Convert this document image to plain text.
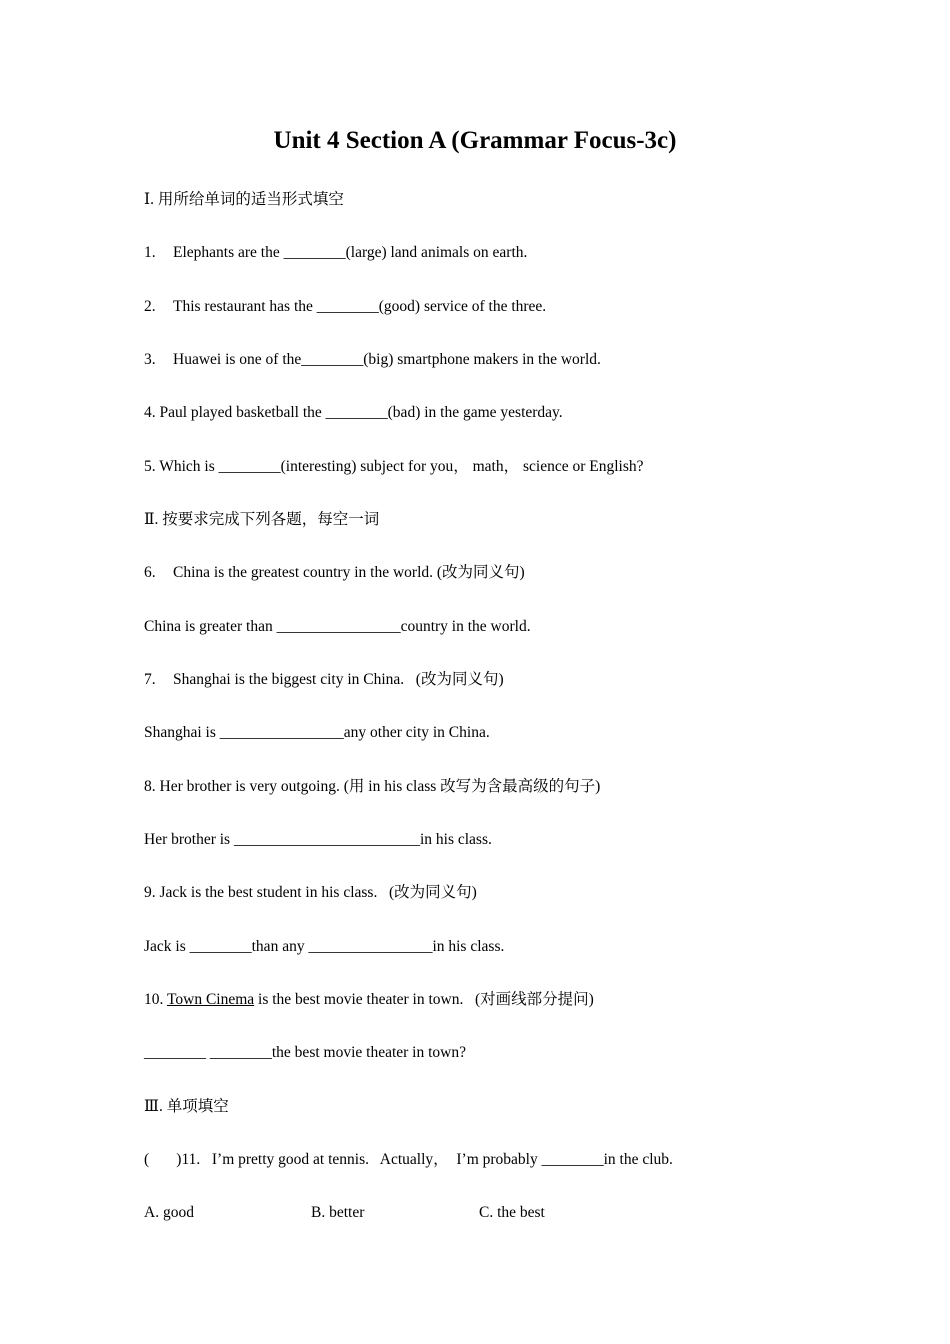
Unit 4 Section A (Grammar Focus-3c)
Ⅰ. 用所给单词的适当形式填空
1. Elephants are the ________(large) land animals on earth.
2. This restaurant has the ________(good) service of the three.
3. Huawei is one of the________(big) smartphone makers in the world.
4. Paul played basketball the ________(bad) in the game yesterday.
5. Which is ________(interesting) subject for you， math， science or English?
Ⅱ. 按要求完成下列各题，每空一词
6. China is the greatest country in the world. (改为同义句)
China is greater than ________________country in the world.
7. Shanghai is the biggest city in China.   (改为同义句)
Shanghai is ________________any other city in China.
8. Her brother is very outgoing. (用 in his class 改写为含最高级的句子)
Her brother is ________________________in his class.
9. Jack is the best student in his class.   (改为同义句)
Jack is ________than any ________________in his class.
10. Town Cinema is the best movie theater in town.   (对画线部分提问)
________ ________the best movie theater in town?
Ⅲ. 单项填空
(       )11.   I’m pretty good at tennis.   Actually，  I’m probably ________in the club.
A. good	B. better	C. the best
